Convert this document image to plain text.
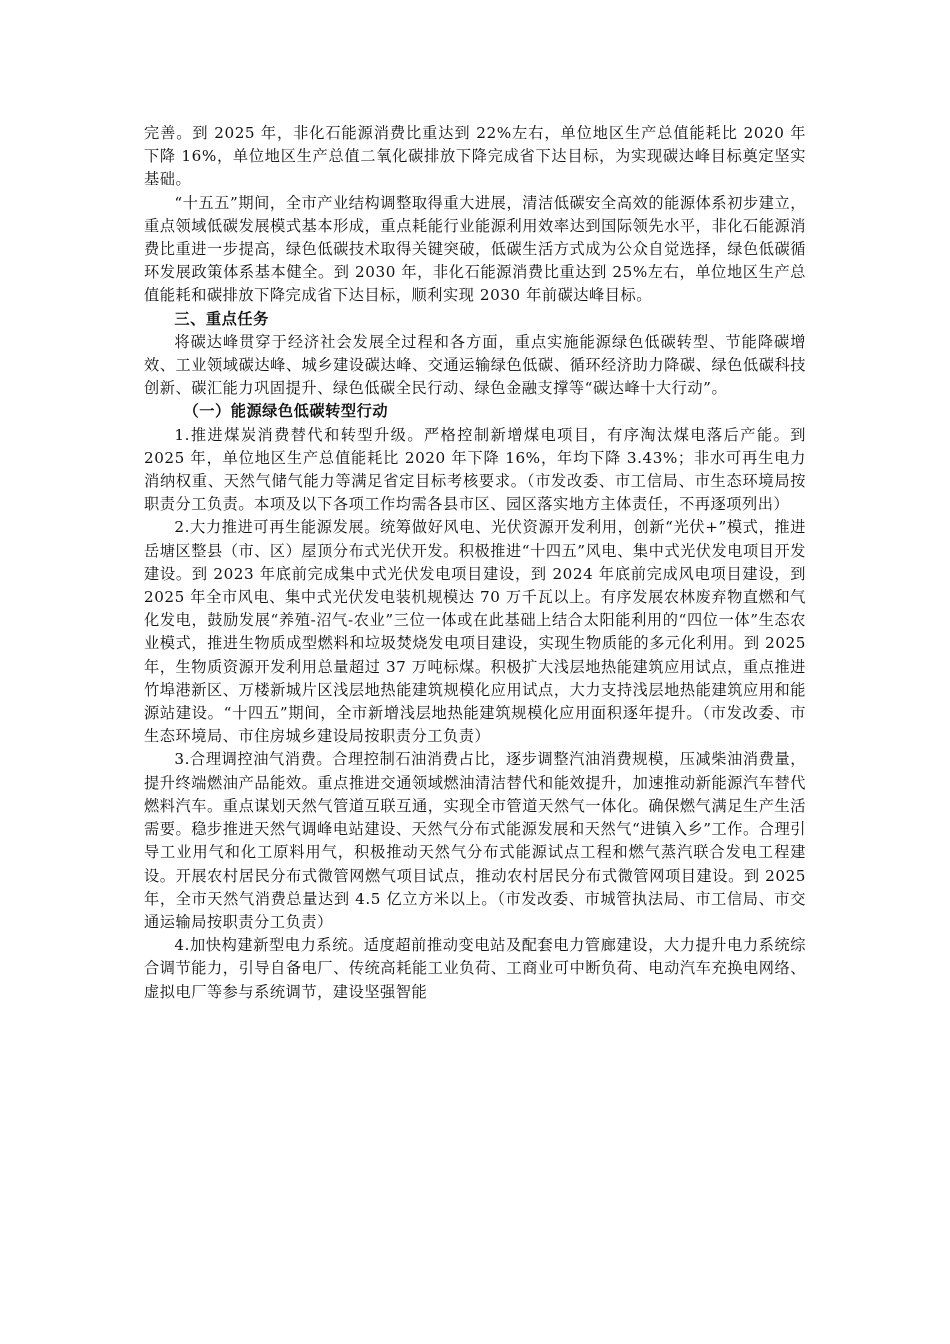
完善。到 2025 年，非化石能源消费比重达到 22%左右，单位地区生产总值能耗比 2020 年下降 16%，单位地区生产总值二氧化碳排放下降完成省下达目标，为实现碳达峰目标奠定坚实基础。

“十五五”期间，全市产业结构调整取得重大进展，清洁低碳安全高效的能源体系初步建立，重点领域低碳发展模式基本形成，重点耗能行业能源利用效率达到国际领先水平，非化石能源消费比重进一步提高，绿色低碳技术取得关键突破，低碳生活方式成为公众自觉选择，绿色低碳循环发展政策体系基本健全。到 2030 年，非化石能源消费比重达到 25%左右，单位地区生产总值能耗和碳排放下降完成省下达目标，顺利实现 2030 年前碳达峰目标。

三、重点任务

将碳达峰贯穿于经济社会发展全过程和各方面，重点实施能源绿色低碳转型、节能降碳增效、工业领域碳达峰、城乡建设碳达峰、交通运输绿色低碳、循环经济助力降碳、绿色低碳科技创新、碳汇能力巩固提升、绿色低碳全民行动、绿色金融支撑等“碳达峰十大行动”。

（一）能源绿色低碳转型行动

1.推进煤炭消费替代和转型升级。严格控制新增煤电项目，有序淘汰煤电落后产能。到 2025 年，单位地区生产总值能耗比 2020 年下降 16%，年均下降 3.43%；非水可再生电力消纳权重、天然气储气能力等满足省定目标考核要求。（市发改委、市工信局、市生态环境局按职责分工负责。本项及以下各项工作均需各县市区、园区落实地方主体责任，不再逐项列出）

2.大力推进可再生能源发展。统筹做好风电、光伏资源开发利用，创新“光伏+”模式，推进岳塘区整县（市、区）屋顶分布式光伏开发。积极推进“十四五”风电、集中式光伏发电项目开发建设。到 2023 年底前完成集中式光伏发电项目建设，到 2024 年底前完成风电项目建设，到 2025 年全市风电、集中式光伏发电装机规模达 70 万千瓦以上。有序发展农林废弃物直燃和气化发电，鼓励发展“养殖-沼气-农业”三位一体或在此基础上结合太阳能利用的“四位一体”生态农业模式，推进生物质成型燃料和垃圾焚烧发电项目建设，实现生物质能的多元化利用。到 2025 年，生物质资源开发利用总量超过 37 万吨标煤。积极扩大浅层地热能建筑应用试点，重点推进竹埠港新区、万楼新城片区浅层地热能建筑规模化应用试点，大力支持浅层地热能建筑应用和能源站建设。“十四五”期间，全市新增浅层地热能建筑规模化应用面积逐年提升。（市发改委、市生态环境局、市住房城乡建设局按职责分工负责）

3.合理调控油气消费。合理控制石油消费占比，逐步调整汽油消费规模，压减柴油消费量，提升终端燃油产品能效。重点推进交通领域燃油清洁替代和能效提升，加速推动新能源汽车替代燃料汽车。重点谋划天然气管道互联互通，实现全市管道天然气一体化。确保燃气满足生产生活需要。稳步推进天然气调峰电站建设、天然气分布式能源发展和天然气“进镇入乡”工作。合理引导工业用气和化工原料用气，积极推动天然气分布式能源试点工程和燃气蒸汽联合发电工程建设。开展农村居民分布式微管网燃气项目试点，推动农村居民分布式微管网项目建设。到 2025 年，全市天然气消费总量达到 4.5 亿立方米以上。（市发改委、市城管执法局、市工信局、市交通运输局按职责分工负责）

4.加快构建新型电力系统。适度超前推动变电站及配套电力管廊建设，大力提升电力系统综合调节能力，引导自备电厂、传统高耗能工业负荷、工商业可中断负荷、电动汽车充换电网络、虚拟电厂等参与系统调节，建设坚强智能
